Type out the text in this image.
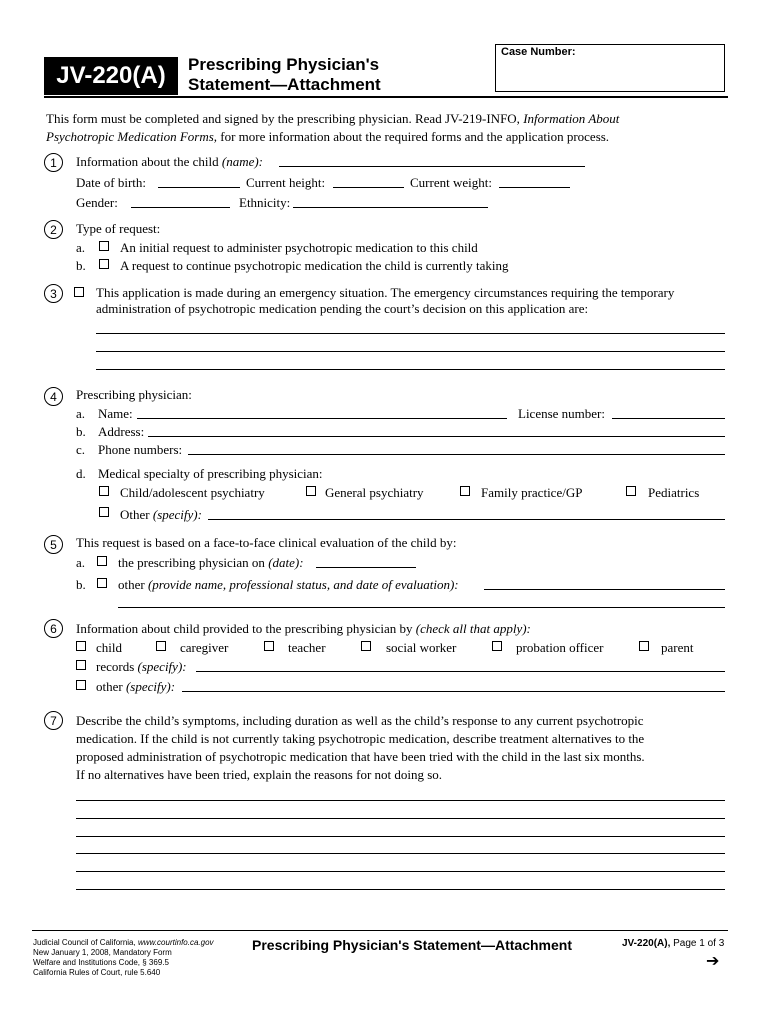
JV-220(A)	Prescribing Physician's
Statement—Attachment
Case Number:
This form must be completed and signed by the prescribing physician. Read JV-219-INFO, Information About
Psychotropic Medication Forms, for more information about the required forms and the application process.
1	Information about the child (name):
Date of birth:	Current height:	Current weight:
Gender:	Ethnicity:
2	Type of request:
a.	An initial request to administer psychotropic medication to this child
b.	A request to continue psychotropic medication the child is currently taking
3	This application is made during an emergency situation. The emergency circumstances requiring the temporary
administration of psychotropic medication pending the court’s decision on this application are:
4	Prescribing physician:
a. Name:	License number:
b. Address:
c. Phone numbers:
d. Medical specialty of prescribing physician:
Child/adolescent psychiatry	General psychiatry	Family practice/GP	Pediatrics
Other (specify):
5	This request is based on a face-to-face clinical evaluation of the child by:
a.	the prescribing physician on (date):
b. other (provide name, professional status, and date of evaluation):
6	Information about child provided to the prescribing physician by (check all that apply):
child	caregiver	teacher	social worker	probation officer	parent
records (specify):
other (specify):
7	Describe the child’s symptoms, including duration as well as the child’s response to any current psychotropic
medication. If the child is not currently taking psychotropic medication, describe treatment alternatives to the
proposed administration of psychotropic medication that have been tried with the child in the last six months.
If no alternatives have been tried, explain the reasons for not doing so.
Judicial Council of California, www.courtinfo.ca.gov
New January 1, 2008, Mandatory Form
Welfare and Institutions Code, § 369.5
California Rules of Court, rule 5.640
Prescribing Physician's Statement—Attachment	JV-220(A), Page 1 of 3
➔
